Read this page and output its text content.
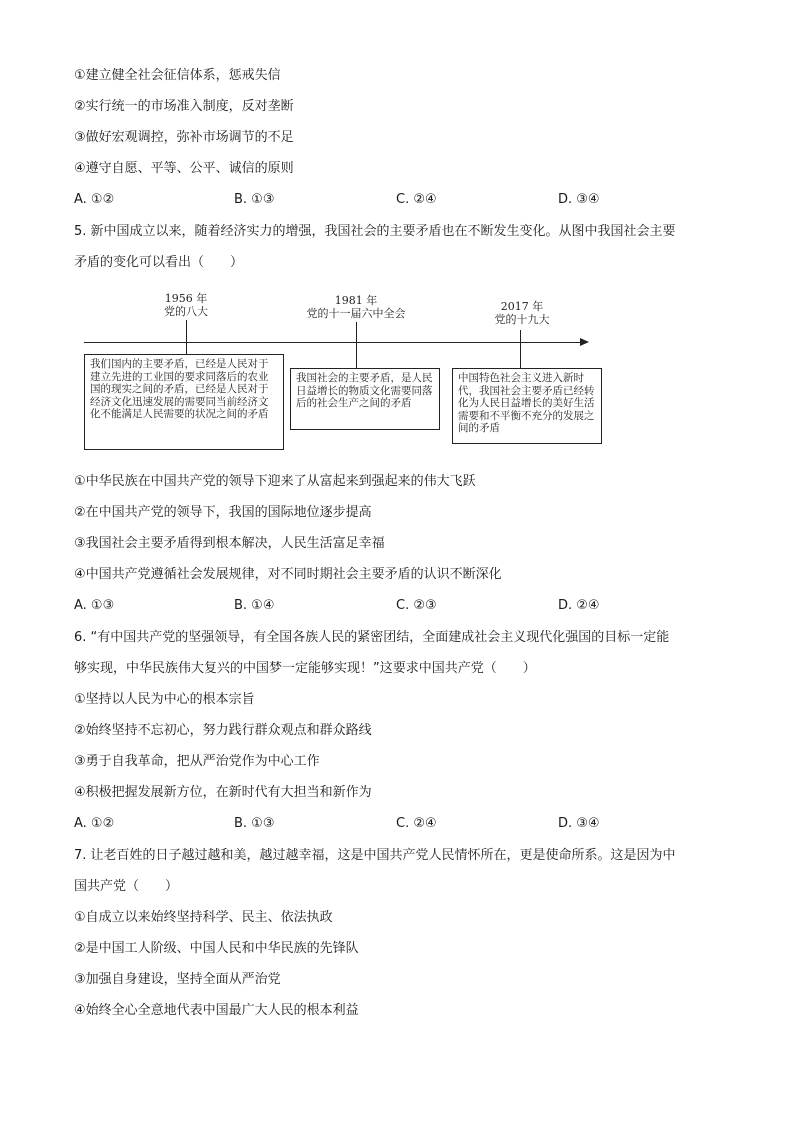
①建立健全社会征信体系，惩戒失信
②实行统一的市场准入制度，反对垄断
③做好宏观调控，弥补市场调节的不足
④遵守自愿、平等、公平、诚信的原则
A. ①②	B. ①③	C. ②④	D. ③④
5. 新中国成立以来，随着经济实力的增强，我国社会的主要矛盾也在不断发生变化。从图中我国社会主要
矛盾的变化可以看出（　　）
1956 年
党的八大
我们国内的主要矛盾，已经是人民对于建立先进的工业国的要求同落后的农业国的现实之间的矛盾，已经是人民对于经济文化迅速发展的需要同当前经济文化不能满足人民需要的状况之间的矛盾
1981 年
党的十一届六中全会
我国社会的主要矛盾，是人民日益增长的物质文化需要同落后的社会生产之间的矛盾
2017 年
党的十九大
中国特色社会主义进入新时代，我国社会主要矛盾已经转化为人民日益增长的美好生活需要和不平衡不充分的发展之间的矛盾
①中华民族在中国共产党的领导下迎来了从富起来到强起来的伟大飞跃
②在中国共产党的领导下，我国的国际地位逐步提高
③我国社会主要矛盾得到根本解决，人民生活富足幸福
④中国共产党遵循社会发展规律，对不同时期社会主要矛盾的认识不断深化
A. ①③	B. ①④	C. ②③	D. ②④
6. “有中国共产党的坚强领导，有全国各族人民的紧密团结，全面建成社会主义现代化强国的目标一定能
够实现，中华民族伟大复兴的中国梦一定能够实现！”这要求中国共产党（　　）
①坚持以人民为中心的根本宗旨
②始终坚持不忘初心，努力践行群众观点和群众路线
③勇于自我革命，把从严治党作为中心工作
④积极把握发展新方位，在新时代有大担当和新作为
A. ①②	B. ①③	C. ②④	D. ③④
7. 让老百姓的日子越过越和美，越过越幸福，这是中国共产党人民情怀所在，更是使命所系。这是因为中
国共产党（　　）
①自成立以来始终坚持科学、民主、依法执政
②是中国工人阶级、中国人民和中华民族的先锋队
③加强自身建设，坚持全面从严治党
④始终全心全意地代表中国最广大人民的根本利益
